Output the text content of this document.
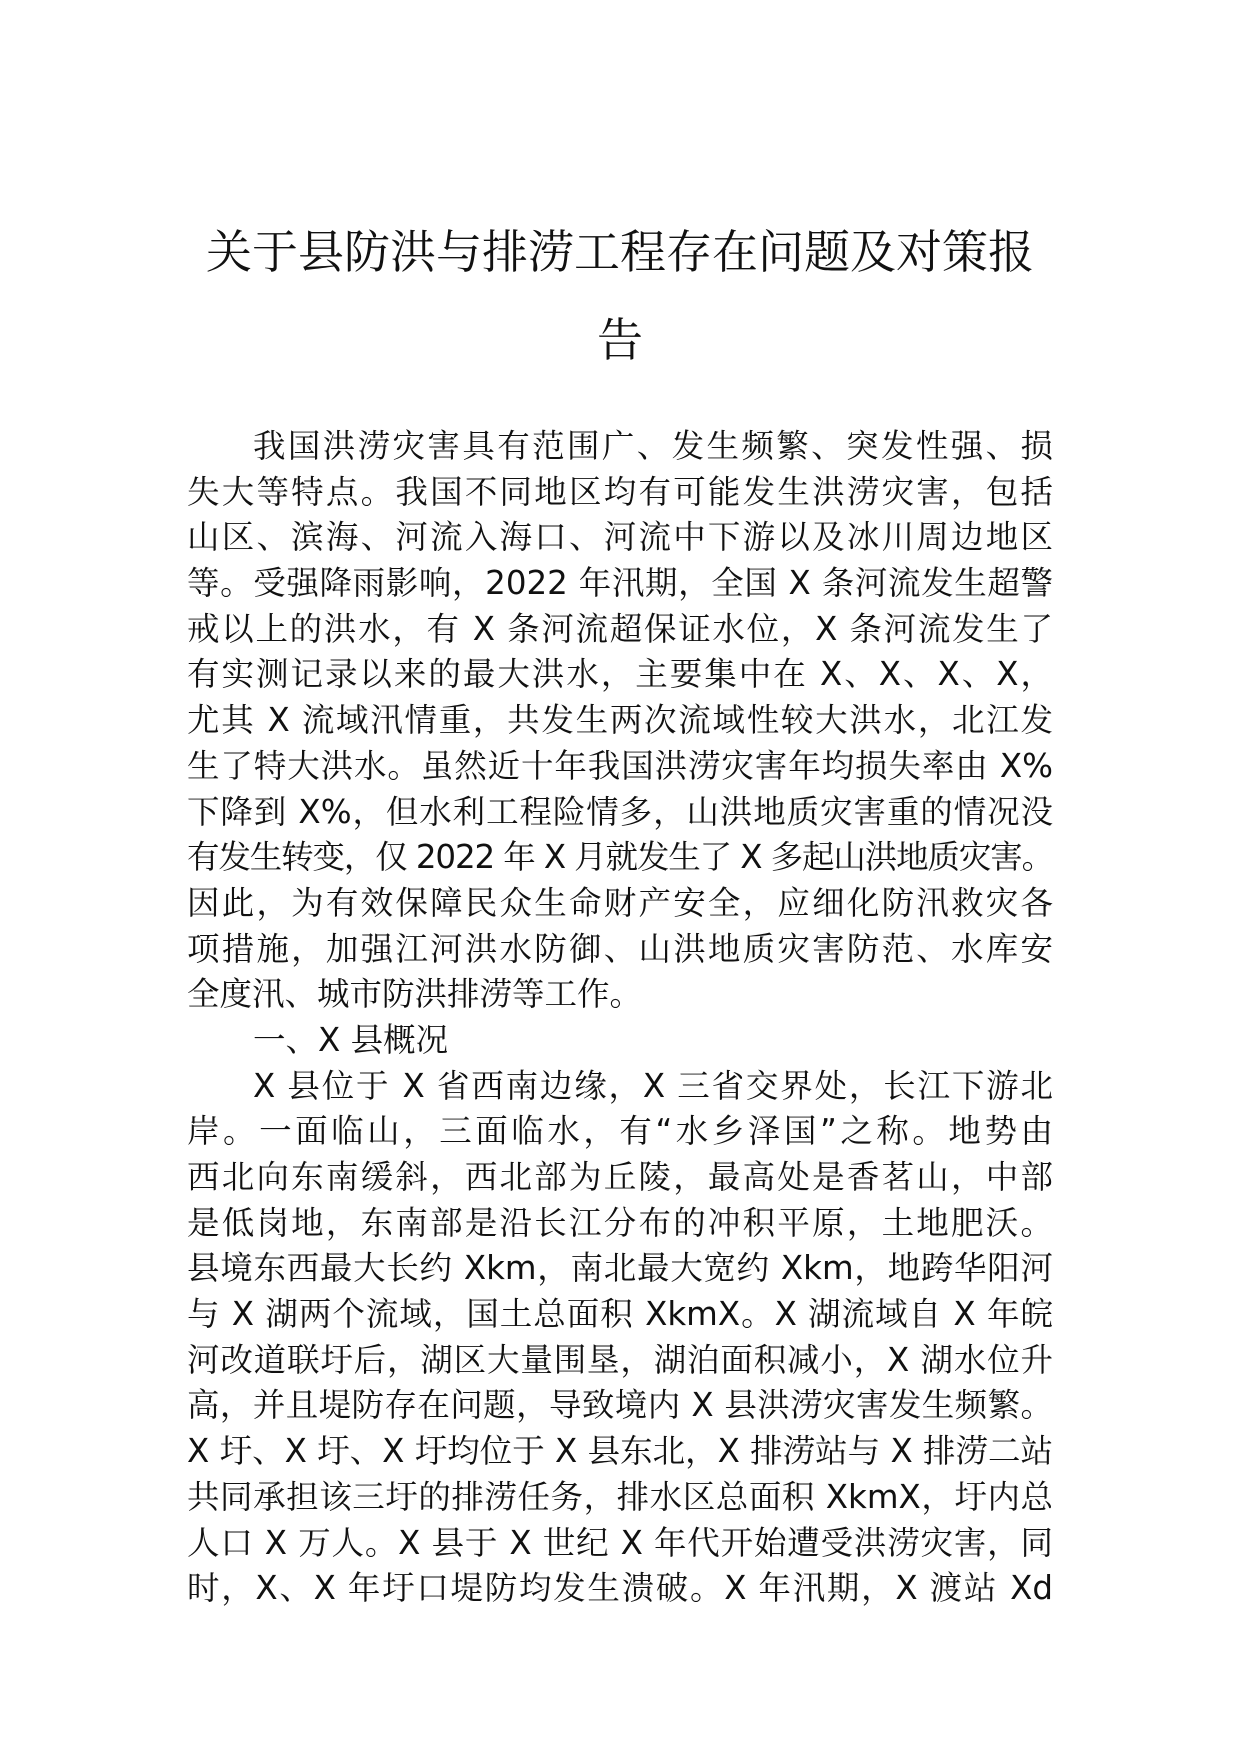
关于县防洪与排涝工程存在问题及对策报
告
我国洪涝灾害具有范围广、发生频繁、突发性强、损
失大等特点。我国不同地区均有可能发生洪涝灾害，包括
山区、滨海、河流入海口、河流中下游以及冰川周边地区
等。受强降雨影响，2022 年汛期，全国 X 条河流发生超警
戒以上的洪水，有 X 条河流超保证水位，X 条河流发生了
有实测记录以来的最大洪水，主要集中在 X、X、X、X，
尤其 X 流域汛情重，共发生两次流域性较大洪水，北江发
生了特大洪水。虽然近十年我国洪涝灾害年均损失率由 X%
下降到 X%，但水利工程险情多，山洪地质灾害重的情况没
有发生转变，仅 2022 年 X 月就发生了 X 多起山洪地质灾害。
因此，为有效保障民众生命财产安全，应细化防汛救灾各
项措施，加强江河洪水防御、山洪地质灾害防范、水库安
全度汛、城市防洪排涝等工作。
一、X 县概况
X 县位于 X 省西南边缘，X 三省交界处，长江下游北
岸。一面临山，三面临水，有“水乡泽国”之称。地势由
西北向东南缓斜，西北部为丘陵，最高处是香茗山，中部
是低岗地，东南部是沿长江分布的冲积平原，土地肥沃。
县境东西最大长约 Xkm，南北最大宽约 Xkm，地跨华阳河
与 X 湖两个流域，国土总面积 XkmX。X 湖流域自 X 年皖
河改道联圩后，湖区大量围垦，湖泊面积减小，X 湖水位升
高，并且堤防存在问题，导致境内 X 县洪涝灾害发生频繁。
X 圩、X 圩、X 圩均位于 X 县东北，X 排涝站与 X 排涝二站
共同承担该三圩的排涝任务，排水区总面积 XkmX，圩内总
人口 X 万人。X 县于 X 世纪 X 年代开始遭受洪涝灾害，同
时，X、X 年圩口堤防均发生溃破。X 年汛期，X 渡站 Xd
